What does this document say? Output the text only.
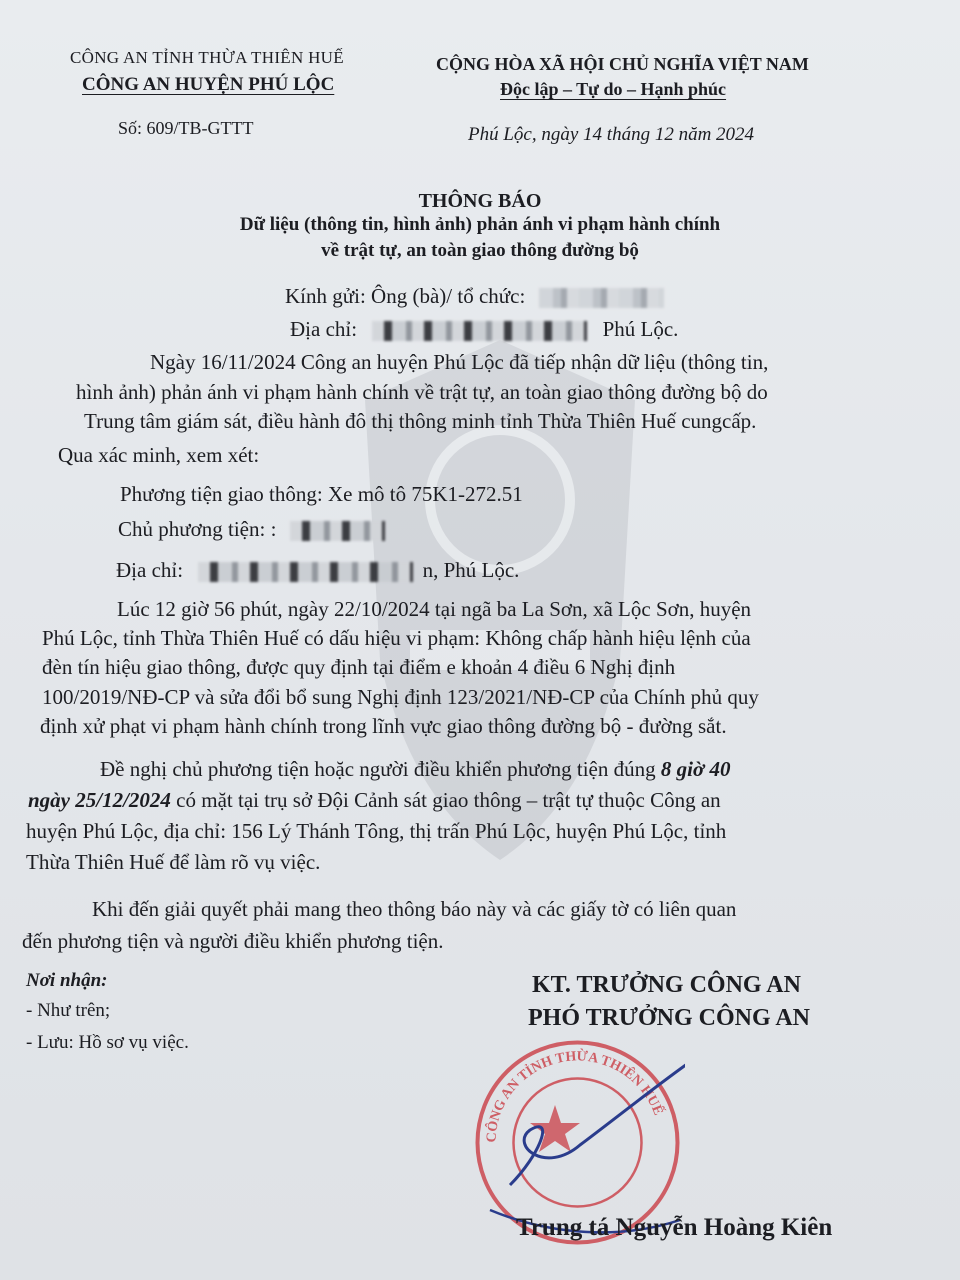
CÔNG AN TỈNH THỪA THIÊN HUẾ
CÔNG AN HUYỆN PHÚ LỘC
Số: 609/TB-GTTT
CỘNG HÒA XÃ HỘI CHỦ NGHĨA VIỆT NAM
Độc lập – Tự do – Hạnh phúc
Phú Lộc, ngày 14 tháng 12 năm 2024
THÔNG BÁO
Dữ liệu (thông tin, hình ảnh) phản ánh vi phạm hành chính
về trật tự, an toàn giao thông đường bộ
Kính gửi: Ông (bà)/ tổ chức:
Địa chỉ:	Phú Lộc.
Ngày 16/11/2024 Công an huyện Phú Lộc đã tiếp nhận dữ liệu (thông tin,
hình ảnh) phản ánh vi phạm hành chính về trật tự, an toàn giao thông đường bộ do
Trung tâm giám sát, điều hành đô thị thông minh tỉnh Thừa Thiên Huế cungcấp.
Qua xác minh, xem xét:
Phương tiện giao thông: Xe mô tô 75K1-272.51
Chủ phương tiện: :
Địa chỉ:	n, Phú Lộc.
Lúc 12 giờ 56 phút, ngày 22/10/2024 tại ngã ba La Sơn, xã Lộc Sơn, huyện
Phú Lộc, tỉnh Thừa Thiên Huế có dấu hiệu vi phạm: Không chấp hành hiệu lệnh của
đèn tín hiệu giao thông, được quy định tại điểm e khoản 4 điều 6 Nghị định
100/2019/NĐ-CP và sửa đổi bổ sung Nghị định 123/2021/NĐ-CP của Chính phủ quy
định xử phạt vi phạm hành chính trong lĩnh vực giao thông đường bộ - đường sắt.
Đề nghị chủ phương tiện hoặc người điều khiển phương tiện đúng 8 giờ 40
ngày 25/12/2024 có mặt tại trụ sở Đội Cảnh sát giao thông – trật tự thuộc Công an
huyện Phú Lộc, địa chỉ: 156 Lý Thánh Tông, thị trấn Phú Lộc, huyện Phú Lộc, tỉnh
Thừa Thiên Huế để làm rõ vụ việc.
Khi đến giải quyết phải mang theo thông báo này và các giấy tờ có liên quan
đến phương tiện và người điều khiển phương tiện.
Nơi nhận:
- Như trên;
- Lưu: Hồ sơ vụ việc.
KT. TRƯỞNG CÔNG AN
PHÓ TRƯỞNG CÔNG AN
CÔNG AN TỈNH THỪA THIÊN HUẾ
Trung tá Nguyễn Hoàng Kiên
